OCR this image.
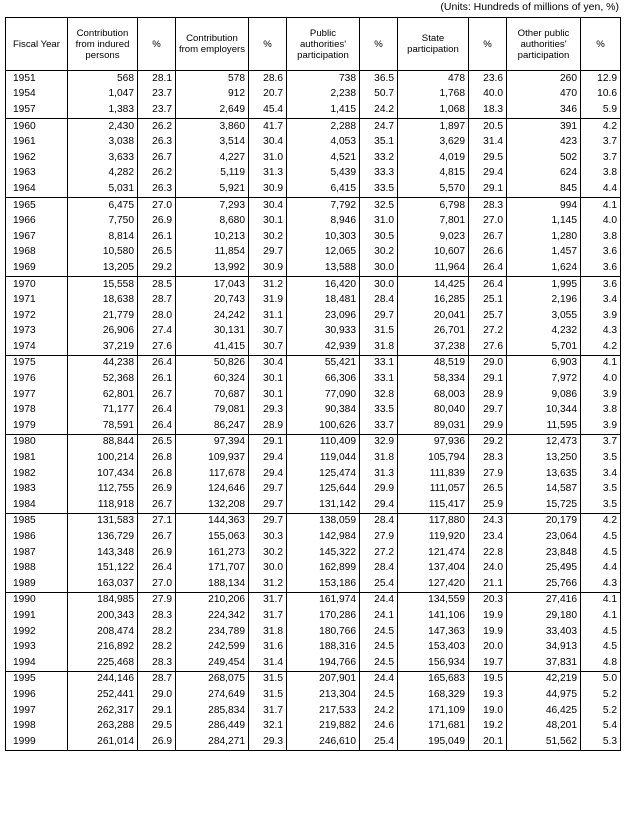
(Units: Hundreds of millions of yen, %)
Fiscal Year	Contribution from indured persons	%	Contribution from employers	%	Public authorities' participation	%	State participation	%	Other public authorities' participation	%
1951	568	28.1	578	28.6	738	36.5	478	23.6	260	12.9
1954	1,047	23.7	912	20.7	2,238	50.7	1,768	40.0	470	10.6
1957	1,383	23.7	2,649	45.4	1,415	24.2	1,068	18.3	346	5.9
1960	2,430	26.2	3,860	41.7	2,288	24.7	1,897	20.5	391	4.2
1961	3,038	26.3	3,514	30.4	4,053	35.1	3,629	31.4	423	3.7
1962	3,633	26.7	4,227	31.0	4,521	33.2	4,019	29.5	502	3.7
1963	4,282	26.2	5,119	31.3	5,439	33.3	4,815	29.4	624	3.8
1964	5,031	26.3	5,921	30.9	6,415	33.5	5,570	29.1	845	4.4
1965	6,475	27.0	7,293	30.4	7,792	32.5	6,798	28.3	994	4.1
1966	7,750	26.9	8,680	30.1	8,946	31.0	7,801	27.0	1,145	4.0
1967	8,814	26.1	10,213	30.2	10,303	30.5	9,023	26.7	1,280	3.8
1968	10,580	26.5	11,854	29.7	12,065	30.2	10,607	26.6	1,457	3.6
1969	13,205	29.2	13,992	30.9	13,588	30.0	11,964	26.4	1,624	3.6
1970	15,558	28.5	17,043	31.2	16,420	30.0	14,425	26.4	1,995	3.6
1971	18,638	28.7	20,743	31.9	18,481	28.4	16,285	25.1	2,196	3.4
1972	21,779	28.0	24,242	31.1	23,096	29.7	20,041	25.7	3,055	3.9
1973	26,906	27.4	30,131	30.7	30,933	31.5	26,701	27.2	4,232	4.3
1974	37,219	27.6	41,415	30.7	42,939	31.8	37,238	27.6	5,701	4.2
1975	44,238	26.4	50,826	30.4	55,421	33.1	48,519	29.0	6,903	4.1
1976	52,368	26.1	60,324	30.1	66,306	33.1	58,334	29.1	7,972	4.0
1977	62,801	26.7	70,687	30.1	77,090	32.8	68,003	28.9	9,086	3.9
1978	71,177	26.4	79,081	29.3	90,384	33.5	80,040	29.7	10,344	3.8
1979	78,591	26.4	86,247	28.9	100,626	33.7	89,031	29.9	11,595	3.9
1980	88,844	26.5	97,394	29.1	110,409	32.9	97,936	29.2	12,473	3.7
1981	100,214	26.8	109,937	29.4	119,044	31.8	105,794	28.3	13,250	3.5
1982	107,434	26.8	117,678	29.4	125,474	31.3	111,839	27.9	13,635	3.4
1983	112,755	26.9	124,646	29.7	125,644	29.9	111,057	26.5	14,587	3.5
1984	118,918	26.7	132,208	29.7	131,142	29.4	115,417	25.9	15,725	3.5
1985	131,583	27.1	144,363	29.7	138,059	28.4	117,880	24.3	20,179	4.2
1986	136,729	26.7	155,063	30.3	142,984	27.9	119,920	23.4	23,064	4.5
1987	143,348	26.9	161,273	30.2	145,322	27.2	121,474	22.8	23,848	4.5
1988	151,122	26.4	171,707	30.0	162,899	28.4	137,404	24.0	25,495	4.4
1989	163,037	27.0	188,134	31.2	153,186	25.4	127,420	21.1	25,766	4.3
1990	184,985	27.9	210,206	31.7	161,974	24.4	134,559	20.3	27,416	4.1
1991	200,343	28.3	224,342	31.7	170,286	24.1	141,106	19.9	29,180	4.1
1992	208,474	28.2	234,789	31.8	180,766	24.5	147,363	19.9	33,403	4.5
1993	216,892	28.2	242,599	31.6	188,316	24.5	153,403	20.0	34,913	4.5
1994	225,468	28.3	249,454	31.4	194,766	24.5	156,934	19.7	37,831	4.8
1995	244,146	28.7	268,075	31.5	207,901	24.4	165,683	19.5	42,219	5.0
1996	252,441	29.0	274,649	31.5	213,304	24.5	168,329	19.3	44,975	5.2
1997	262,317	29.1	285,834	31.7	217,533	24.2	171,109	19.0	46,425	5.2
1998	263,288	29.5	286,449	32.1	219,882	24.6	171,681	19.2	48,201	5.4
1999	261,014	26.9	284,271	29.3	246,610	25.4	195,049	20.1	51,562	5.3
